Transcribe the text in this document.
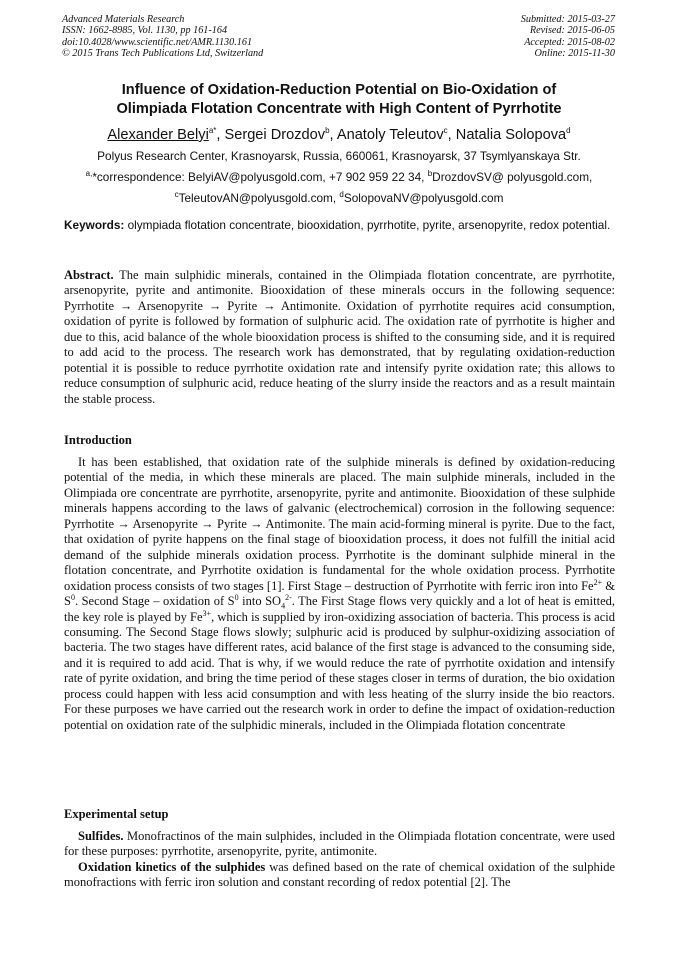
Advanced Materials Research
ISSN: 1662-8985, Vol. 1130, pp 161-164
doi:10.4028/www.scientific.net/AMR.1130.161
© 2015 Trans Tech Publications Ltd, Switzerland
Submitted: 2015-03-27
Revised: 2015-06-05
Accepted: 2015-08-02
Online: 2015-11-30
Influence of Oxidation-Reduction Potential on Bio-Oxidation of
Olimpiada Flotation Concentrate with High Content of Pyrrhotite
Alexander Belyi$^{a*}$, Sergei Drozdov$^b$, Anatoly Teleutov$^c$, Natalia Solopova$^d$
Polyus Research Center, Krasnoyarsk, Russia, 660061, Krasnoyarsk, 37 Tsymlyanskaya Str.
$^{a,}$*correspondence: BelyiAV@polyusgold.com, +7 902 959 22 34, $^b$DrozdovSV@ polyusgold.com,
$^c$TeleutovAN@polyusgold.com, $^d$SolopovaNV@polyusgold.com
Keywords: olympiada flotation concentrate, biooxidation, pyrrhotite, pyrite, arsenopyrite, redox potential.

Abstract. The main sulphidic minerals, contained in the Olimpiada flotation concentrate, are pyrrhotite, arsenopyrite, pyrite and antimonite. Biooxidation of these minerals occurs in the following sequence: Pyrrhotite → Arsenopyrite → Pyrite → Antimonite. Oxidation of pyrrhotite requires acid consumption, oxidation of pyrite is followed by formation of sulphuric acid. The oxidation rate of pyrrhotite is higher and due to this, acid balance of the whole biooxidation process is shifted to the consuming side, and it is required to add acid to the process. The research work has demonstrated, that by regulating oxidation-reduction potential it is possible to reduce pyrrhotite oxidation rate and intensify pyrite oxidation rate; this allows to reduce consumption of sulphuric acid, reduce heating of the slurry inside the reactors and as a result maintain the stable process.

Introduction

It has been established, that oxidation rate of the sulphide minerals is defined by oxidation-reducing potential of the media, in which these minerals are placed. The main sulphide minerals, included in the Olimpiada ore concentrate are pyrrhotite, arsenopyrite, pyrite and antimonite. Biooxidation of these sulphide minerals happens according to the laws of galvanic (electrochemical) corrosion in the following sequence: Pyrrhotite → Arsenopyrite → Pyrite → Antimonite. The main acid-forming mineral is pyrite. Due to the fact, that oxidation of pyrite happens on the final stage of biooxidation process, it does not fulfill the initial acid demand of the sulphide minerals oxidation process. Pyrrhotite is the dominant sulphide mineral in the flotation concentrate, and Pyrrhotite oxidation is fundamental for the whole oxidation process. Pyrrhotite oxidation process consists of two stages [1]. First Stage – destruction of Pyrrhotite with ferric iron into $Fe^{2+}$ & $S^0$. Second Stage – oxidation of $S^0$ into $SO_4^{2-}$. The First Stage flows very quickly and a lot of heat is emitted, the key role is played by $Fe^{3+}$, which is supplied by iron-oxidizing association of bacteria. This process is acid consuming. The Second Stage flows slowly; sulphuric acid is produced by sulphur-oxidizing association of bacteria. The two stages have different rates, acid balance of the first stage is advanced to the consuming side, and it is required to add acid. That is why, if we would reduce the rate of pyrrhotite oxidation and intensify rate of pyrite oxidation, and bring the time period of these stages closer in terms of duration, the bio oxidation process could happen with less acid consumption and with less heating of the slurry inside the bio reactors. For these purposes we have carried out the research work in order to define the impact of oxidation-reduction potential on oxidation rate of the sulphidic minerals, included in the Olimpiada flotation concentrate

Experimental setup

Sulfides. Monofractinos of the main sulphides, included in the Olimpiada flotation concentrate, were used for these purposes: pyrrhotite, arsenopyrite, pyrite, antimonite.

Oxidation kinetics of the sulphides was defined based on the rate of chemical oxidation of the sulphide monofractions with ferric iron solution and constant recording of redox potential [2]. The
